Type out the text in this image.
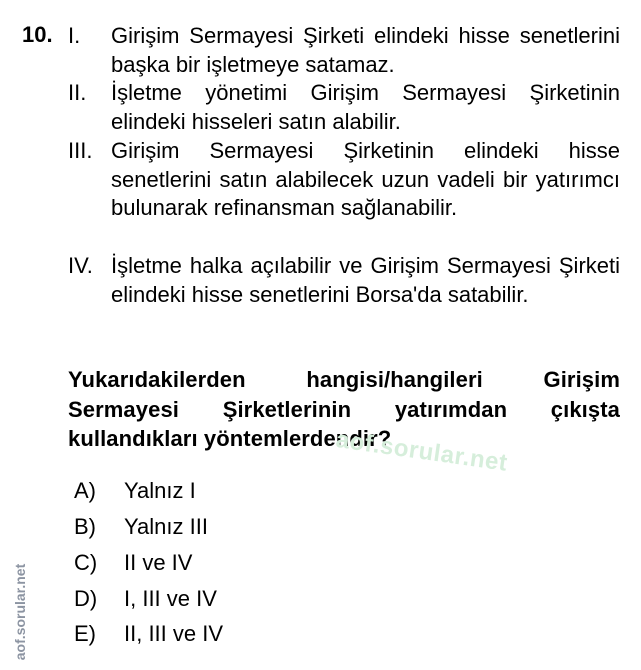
10. I. Girişim Sermayesi Şirketi elindeki hisse senetlerini başka bir işletmeye satamaz.
II. İşletme yönetimi Girişim Sermayesi Şirketinin elindeki hisseleri satın alabilir.
III. Girişim Sermayesi Şirketinin elindeki hisse senetlerini satın alabilecek uzun vadeli bir yatırımcı bulunarak refinansman sağlanabilir.
IV. İşletme halka açılabilir ve Girişim Sermayesi Şirketi elindeki hisse senetlerini Borsa'da satabilir.
Yukarıdakilerden hangisi/hangileri Girişim Sermayesi Şirketlerinin yatırımdan çıkışta kullandıkları yöntemlerdendir?
aof.sorular.net
A) Yalnız I
B) Yalnız III
C) II ve IV
D) I, III ve IV
E) II, III ve IV
aof.sorular.net
